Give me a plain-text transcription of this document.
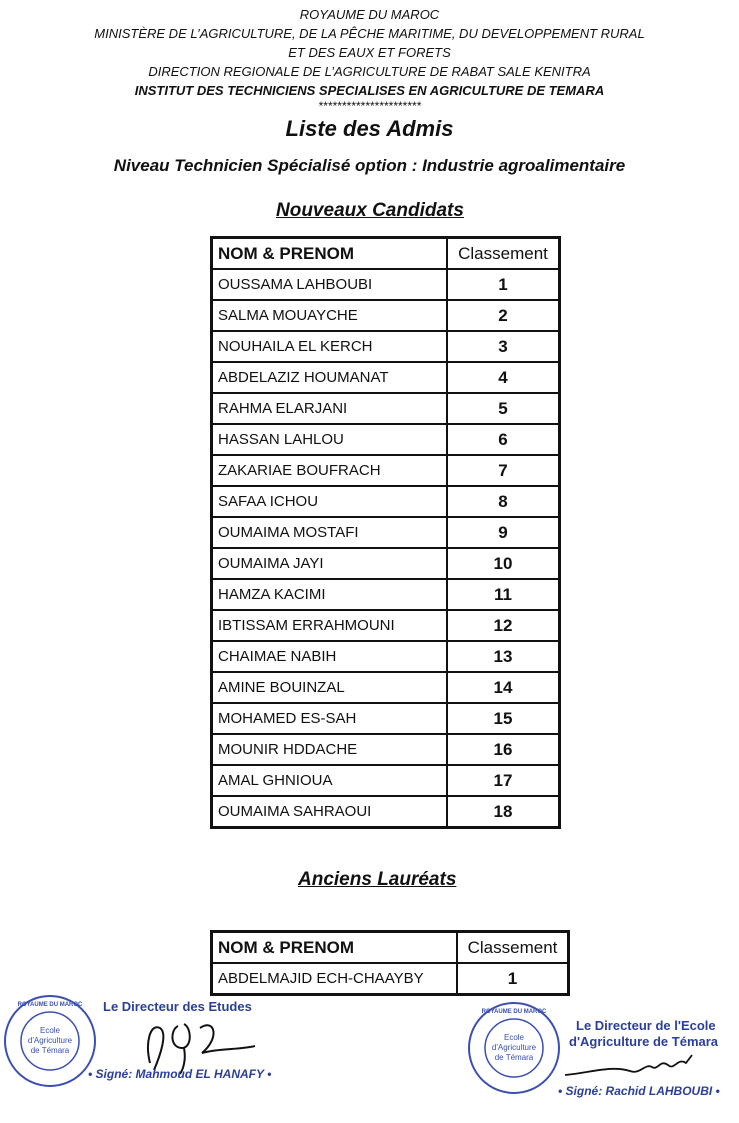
ROYAUME DU MAROC
MINISTÈRE DE L’AGRICULTURE, DE LA PÊCHE MARITIME, DU DEVELOPPEMENT RURAL
ET DES EAUX ET FORETS
DIRECTION REGIONALE DE L’AGRICULTURE DE RABAT SALE KENITRA
INSTITUT DES TECHNICIENS SPECIALISES EN AGRICULTURE DE TEMARA
**********************
Liste des Admis
Niveau Technicien Spécialisé option : Industrie agroalimentaire
Nouveaux Candidats
NOM & PRENOM	Classement
OUSSAMA LAHBOUBI	1
SALMA MOUAYCHE	2
NOUHAILA EL KERCH	3
ABDELAZIZ HOUMANAT	4
RAHMA ELARJANI	5
HASSAN LAHLOU	6
ZAKARIAE BOUFRACH	7
SAFAA ICHOU	8
OUMAIMA MOSTAFI	9
OUMAIMA JAYI	10
HAMZA KACIMI	11
IBTISSAM ERRAHMOUNI	12
CHAIMAE NABIH	13
AMINE BOUINZAL	14
MOHAMED ES-SAH	15
MOUNIR HDDACHE	16
AMAL GHNIOUA	17
OUMAIMA SAHRAOUI	18
Anciens Lauréats
NOM & PRENOM	Classement
ABDELMAJID ECH-CHAAYBY	1
ROYAUME DU MAROC
Ecole
d'Agriculture
de Témara
Le Directeur des Etudes
• Signé: Mahmoud EL HANAFY •
ROYAUME DU MAROC
Ecole
d'Agriculture
de Témara
Le Directeur de l'Ecole
d'Agriculture de Témara
• Signé: Rachid LAHBOUBI •
